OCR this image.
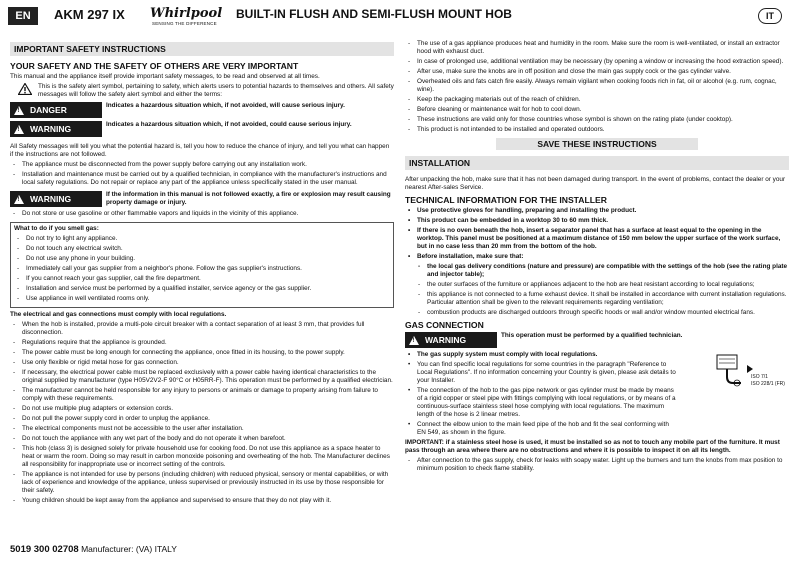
EN	AKM 297 IX Whirlpool
SENSING THE DIFFERENCE
BUILT-IN FLUSH AND SEMI-FLUSH MOUNT HOB	IT
IMPORTANT SAFETY INSTRUCTIONS
YOUR SAFETY AND THE SAFETY OF OTHERS ARE VERY IMPORTANT

This manual and the appliance itself provide important safety messages, to be read and observed at all times.

This is the safety alert symbol, pertaining to safety, which alerts users to potential hazards to themselves and others. All safety messages will follow the safety alert symbol and either the terms:
!
DANGER	Indicates a hazardous situation which, if not avoided, will cause serious injury.
!
WARNING	Indicates a hazardous situation which, if not avoided, could cause serious injury.

All Safety messages will tell you what the potential hazard is, tell you how to reduce the chance of injury, and tell you what can happen if the instructions are not followed.

- The appliance must be disconnected from the power supply before carrying out any installation work.

- Installation and maintenance must be carried out by a qualified technician, in compliance with the manufacturer's instructions and local safety regulations. Do not repair or replace any part of the appliance unless specifically stated in the user manual.

!
WARNING	If the information in this manual is not followed exactly, a fire or explosion may result causing property damage or injury.

- Do not store or use gasoline or other flammable vapors and liquids in the vicinity of this appliance.

What to do if you smell gas:

- Do not try to light any appliance.

- Do not touch any electrical switch.

- Do not use any phone in your building.

- Immediately call your gas supplier from a neighbor's phone. Follow the gas supplier's instructions.

- If you cannot reach your gas supplier, call the fire department.

- Installation and service must be performed by a qualified installer, service agency or the gas supplier.

- Use appliance in well ventilated rooms only.

The electrical and gas connections must comply with local regulations.

- When the hob is installed, provide a multi-pole circuit breaker with a contact separation of at least 3 mm, that provides full disconnection.

- Regulations require that the appliance is grounded.

- The power cable must be long enough for connecting the appliance, once fitted in its housing, to the power supply.

- Use only flexible or rigid metal hose for gas connection.

- If necessary, the electrical power cable must be replaced exclusively with a power cable having identical characteristics to the original supplied by manufacturer (type H05V2V2-F 90°C or H05RR-F). This operation must be performed by a qualified electrician.

- The manufacturer cannot be held responsible for any injury to persons or animals or damage to property arising from failure to comply with these requirements.

- Do not use multiple plug adapters or extension cords.

- Do not pull the power supply cord in order to unplug the appliance.

- The electrical components must not be accessible to the user after installation.

- Do not touch the appliance with any wet part of the body and do not operate it when barefoot.

- This hob (class 3) is designed solely for private household use for cooking food. Do not use this appliance as a space heater to heat or warm the room. Doing so may result in carbon monoxide poisoning and overheating of the hob. The Manufacturer declines all responsibility for inappropriate use or incorrect setting of the controls.

- The appliance is not intended for use by persons (including children) with reduced physical, sensory or mental capabilities, or with lack of experience and knowledge of the appliance, unless supervised or previously instructed in its use by those responsible for their safety.

- Young children should be kept away from the appliance and supervised to ensure that they do not play with it.

- The use of a gas appliance produces heat and humidity in the room. Make sure the room is well-ventilated, or install an extractor hood with exhaust duct.

- In case of prolonged use, additional ventilation may be necessary (by opening a window or increasing the hood extraction speed).

- After use, make sure the knobs are in off position and close the main gas supply cock or the gas cylinder valve.

- Overheated oils and fats catch fire easily. Always remain vigilant when cooking foods rich in fat, oil or alcohol (e.g. rum, cognac, wine).

- Keep the packaging materials out of the reach of children.

- Before cleaning or maintenance wait for hob to cool down.

- These instructions are valid only for those countries whose symbol is shown on the rating plate (under cooktop).

- This product is not intended to be installed and operated outdoors.

SAVE THESE INSTRUCTIONS
INSTALLATION

After unpacking the hob, make sure that it has not been damaged during transport. In the event of problems, contact the dealer or your nearest After-sales Service.

TECHNICAL INFORMATION FOR THE INSTALLER

• Use protective gloves for handling, preparing and installing the product.

• This product can be embedded in a worktop 30 to 60 mm thick.

• If there is no oven beneath the hob, insert a separator panel that has a surface at least equal to the opening in the worktop. This panel must be positioned at a maximum distance of 150 mm below the upper surface of the work surface, but in no case less than 20 mm from the bottom of the hob.

• Before installation, make sure that:

- the local gas delivery conditions (nature and pressure) are compatible with the settings of the hob (see the rating plate and injector table);

- the outer surfaces of the furniture or appliances adjacent to the hob are heat resistant according to local regulations;

- this appliance is not connected to a fume exhaust device. It shall be installed in accordance with current installation regulations. Particular attention shall be given to the relevant requirements regarding ventilation;

- combustion products are discharged outdoors through specific hoods or wall and/or window mounted electrical fans.

GAS CONNECTION
!
WARNING	This operation must be performed by a qualified technician.

• The gas supply system must comply with local regulations.

• You can find specific local regulations for some countries in the paragraph "Reference to Local Regulations". If no information concerning your Country is given, please ask details to your Installer.

• The connection of the hob to the gas pipe network or gas cylinder must be made by means of a rigid copper or steel pipe with fittings complying with local regulations, or by means of a continuous-surface stainless steel hose complying with local regulations. The maximum length of the hose is 2 linear metres.

• Connect the elbow union to the main feed pipe of the hob and fit the seal conforming with EN 549, as shown in the figure.

ISO 7/1
ISO 228/1 (FR)

IMPORTANT: if a stainless steel hose is used, it must be installed so as not to touch any mobile part of the furniture. It must pass through an area where there are no obstructions and where it is possible to inspect it on all its length.

- After connection to the gas supply, check for leaks with soapy water. Light up the burners and turn the knobs from max position to minimum position to check flame stability.

5019 300 02708 Manufacturer: (VA) ITALY
